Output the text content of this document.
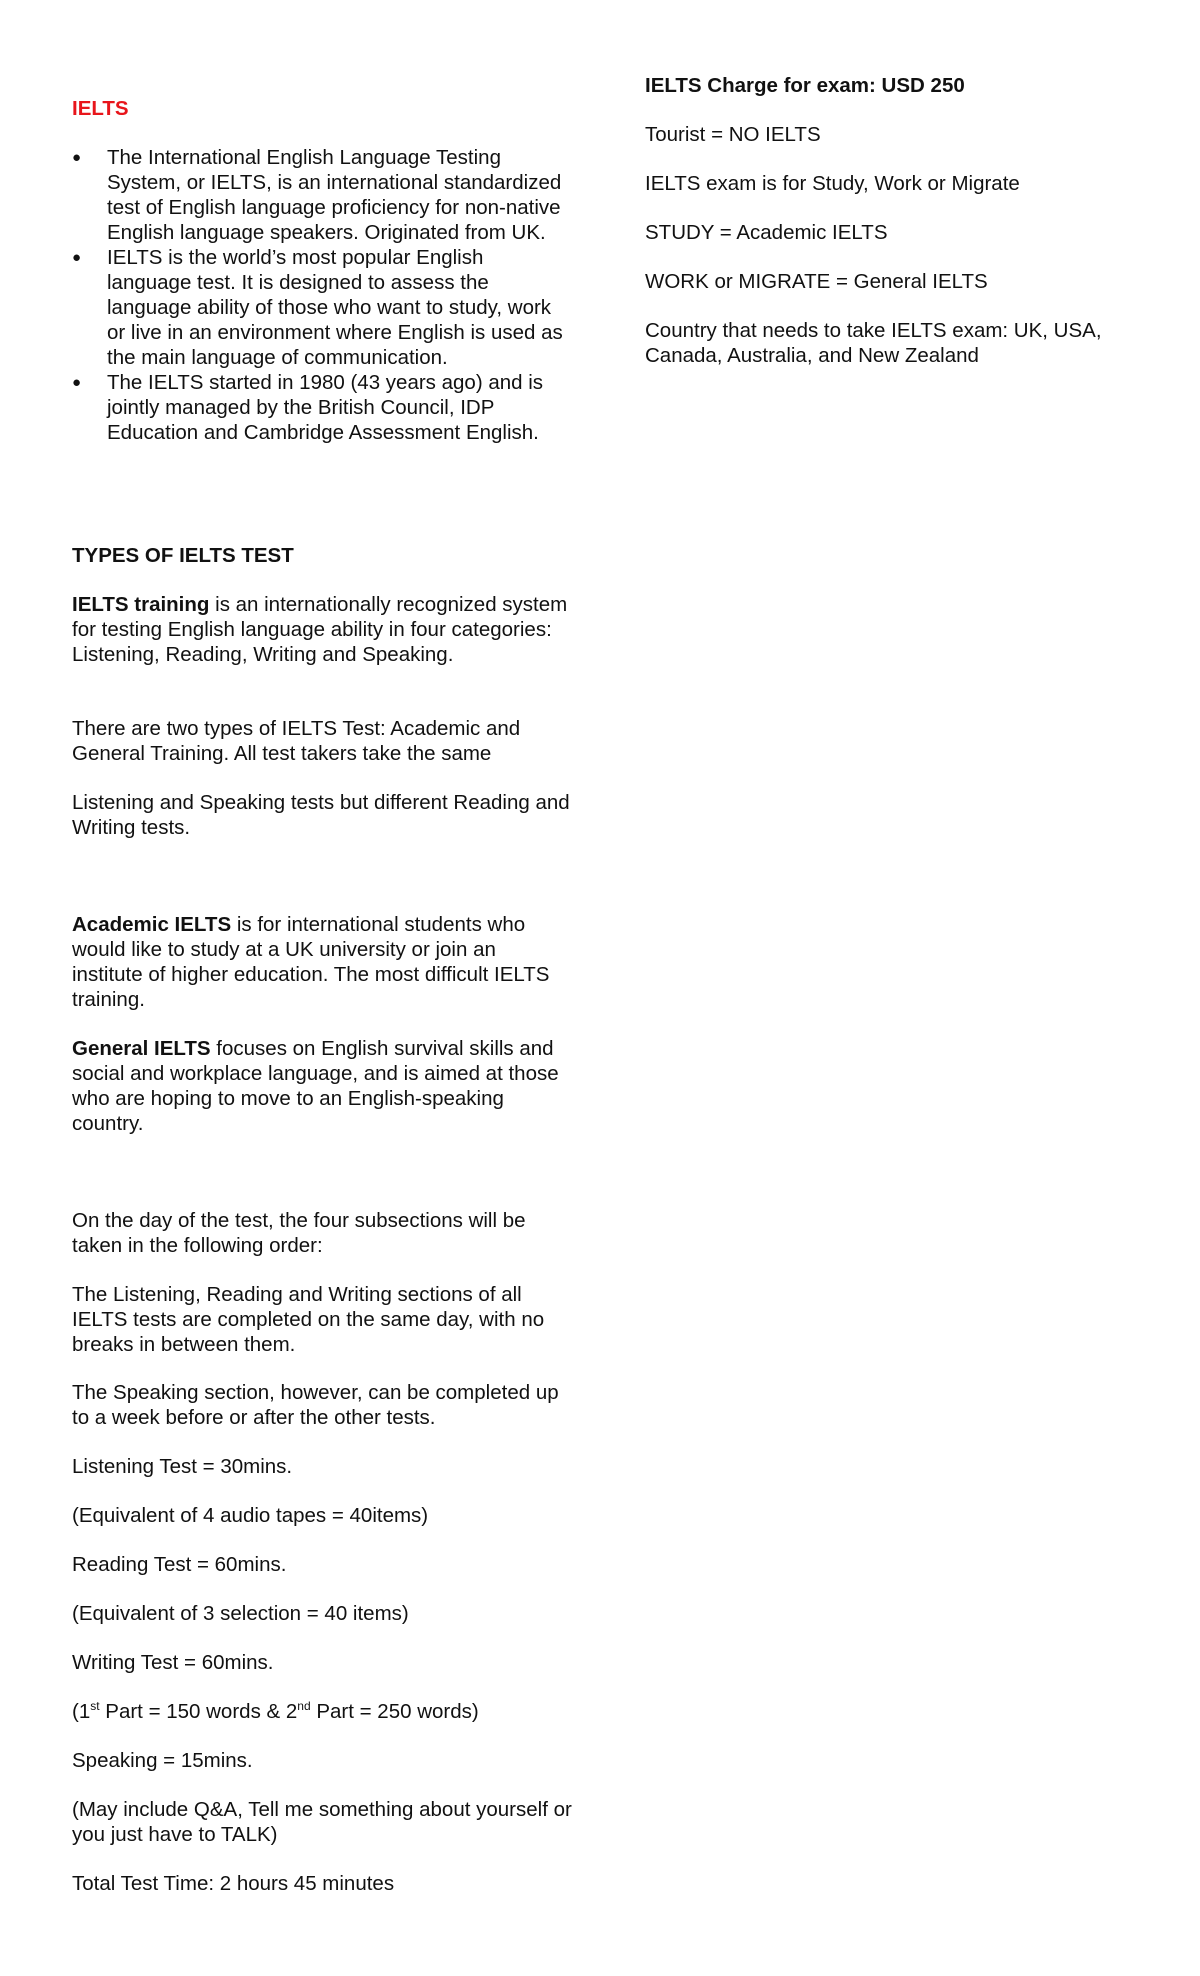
IELTS

● The International English Language Testing System, or IELTS, is an international standardized test of English language proficiency for non-native English language speakers. Originated from UK.
● IELTS is the world’s most popular English language test. It is designed to assess the language ability of those who want to study, work or live in an environment where English is used as the main language of communication.
● The IELTS started in 1980 (43 years ago) and is jointly managed by the British Council, IDP Education and Cambridge Assessment English.

TYPES OF IELTS TEST

IELTS training is an internationally recognized system for testing English language ability in four categories: Listening, Reading, Writing and Speaking.

There are two types of IELTS Test: Academic and General Training. All test takers take the same

Listening and Speaking tests but different Reading and Writing tests.

Academic IELTS is for international students who would like to study at a UK university or join an institute of higher education. The most difficult IELTS training.

General IELTS focuses on English survival skills and social and workplace language, and is aimed at those who are hoping to move to an English-speaking country.

On the day of the test, the four subsections will be taken in the following order:

The Listening, Reading and Writing sections of all IELTS tests are completed on the same day, with no breaks in between them.

The Speaking section, however, can be completed up to a week before or after the other tests.

Listening Test = 30mins.

(Equivalent of 4 audio tapes = 40items)

Reading Test = 60mins.

(Equivalent of 3 selection = 40 items)

Writing Test = 60mins.

(1st Part = 150 words & 2nd Part = 250 words)

Speaking = 15mins.

(May include Q&A, Tell me something about yourself or you just have to TALK)

Total Test Time: 2 hours 45 minutes

IELTS Charge for exam: USD 250

Tourist = NO IELTS

IELTS exam is for Study, Work or Migrate

STUDY = Academic IELTS

WORK or MIGRATE = General IELTS

Country that needs to take IELTS exam: UK, USA, Canada, Australia, and New Zealand
